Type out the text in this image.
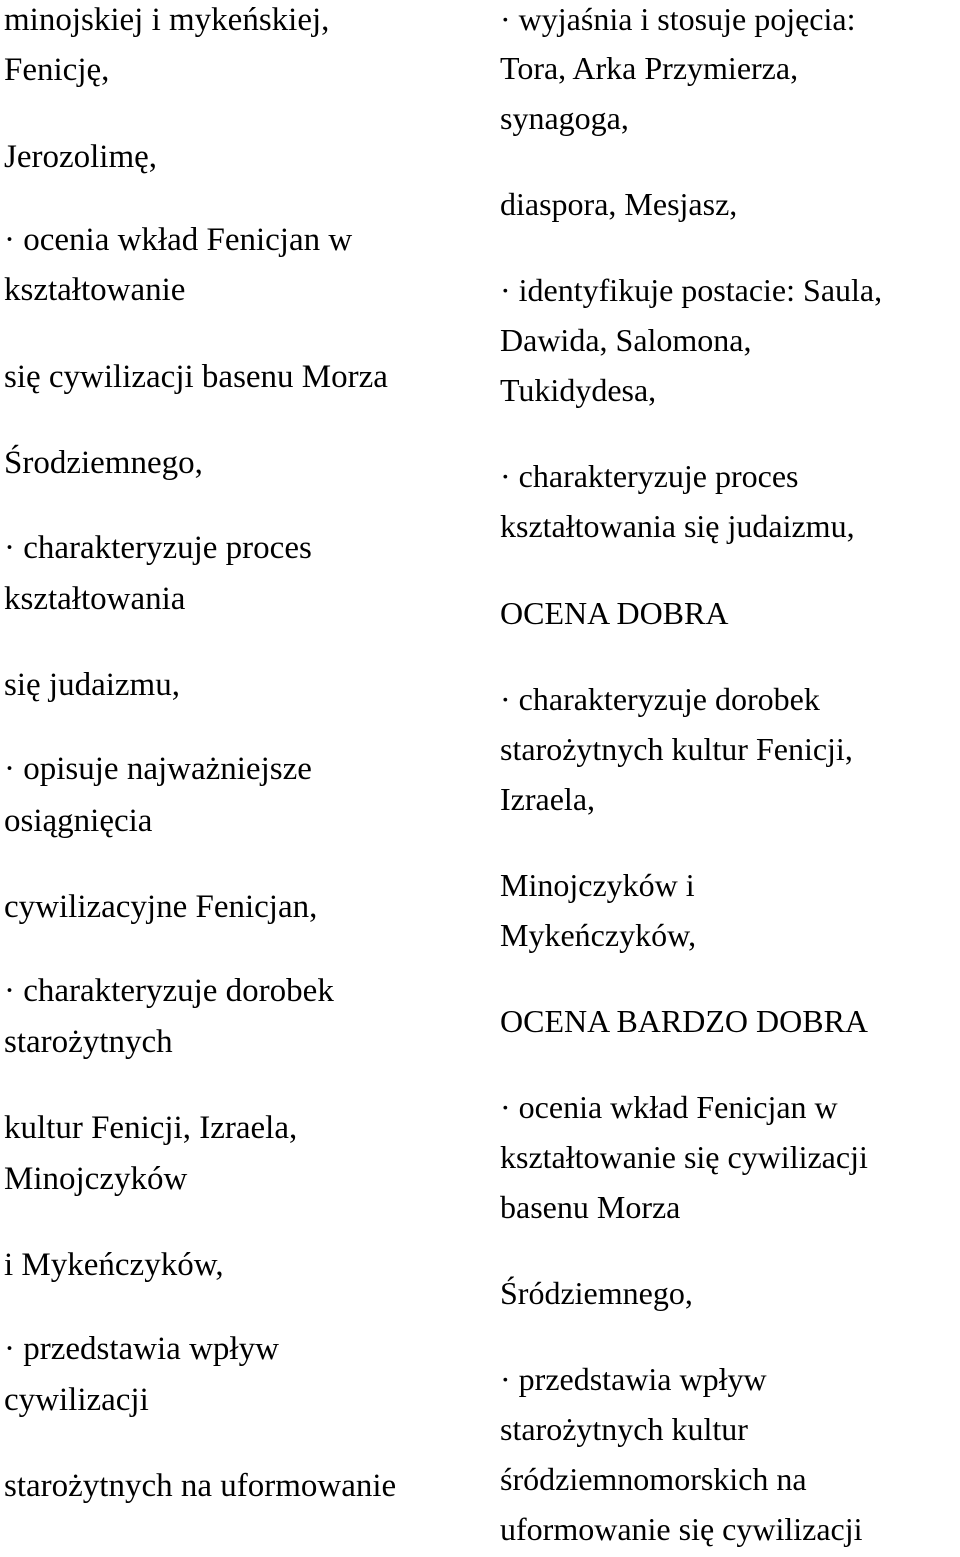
minojskiej i mykeńskiej,
Fenicję,
Jerozolimę,
· ocenia wkład Fenicjan w
kształtowanie
się cywilizacji basenu Morza
Środziemnego,
· charakteryzuje proces
kształtowania
się judaizmu,
· opisuje najważniejsze
osiągnięcia
cywilizacyjne Fenicjan,
· charakteryzuje dorobek
starożytnych
kultur Fenicji, Izraela,
Minojczyków
i Mykeńczyków,
· przedstawia wpływ
cywilizacji
starożytnych na uformowanie
· wyjaśnia i stosuje pojęcia:
Tora, Arka Przymierza,
synagoga,
diaspora, Mesjasz,
· identyfikuje postacie: Saula,
Dawida, Salomona,
Tukidydesa,
· charakteryzuje proces
kształtowania się judaizmu,
OCENA DOBRA
· charakteryzuje dorobek
starożytnych kultur Fenicji,
Izraela,
Minojczyków i
Mykeńczyków,
OCENA BARDZO DOBRA
· ocenia wkład Fenicjan w
kształtowanie się cywilizacji
basenu Morza
Śródziemnego,
· przedstawia wpływ
starożytnych kultur
śródziemnomorskich na
uformowanie się cywilizacji
